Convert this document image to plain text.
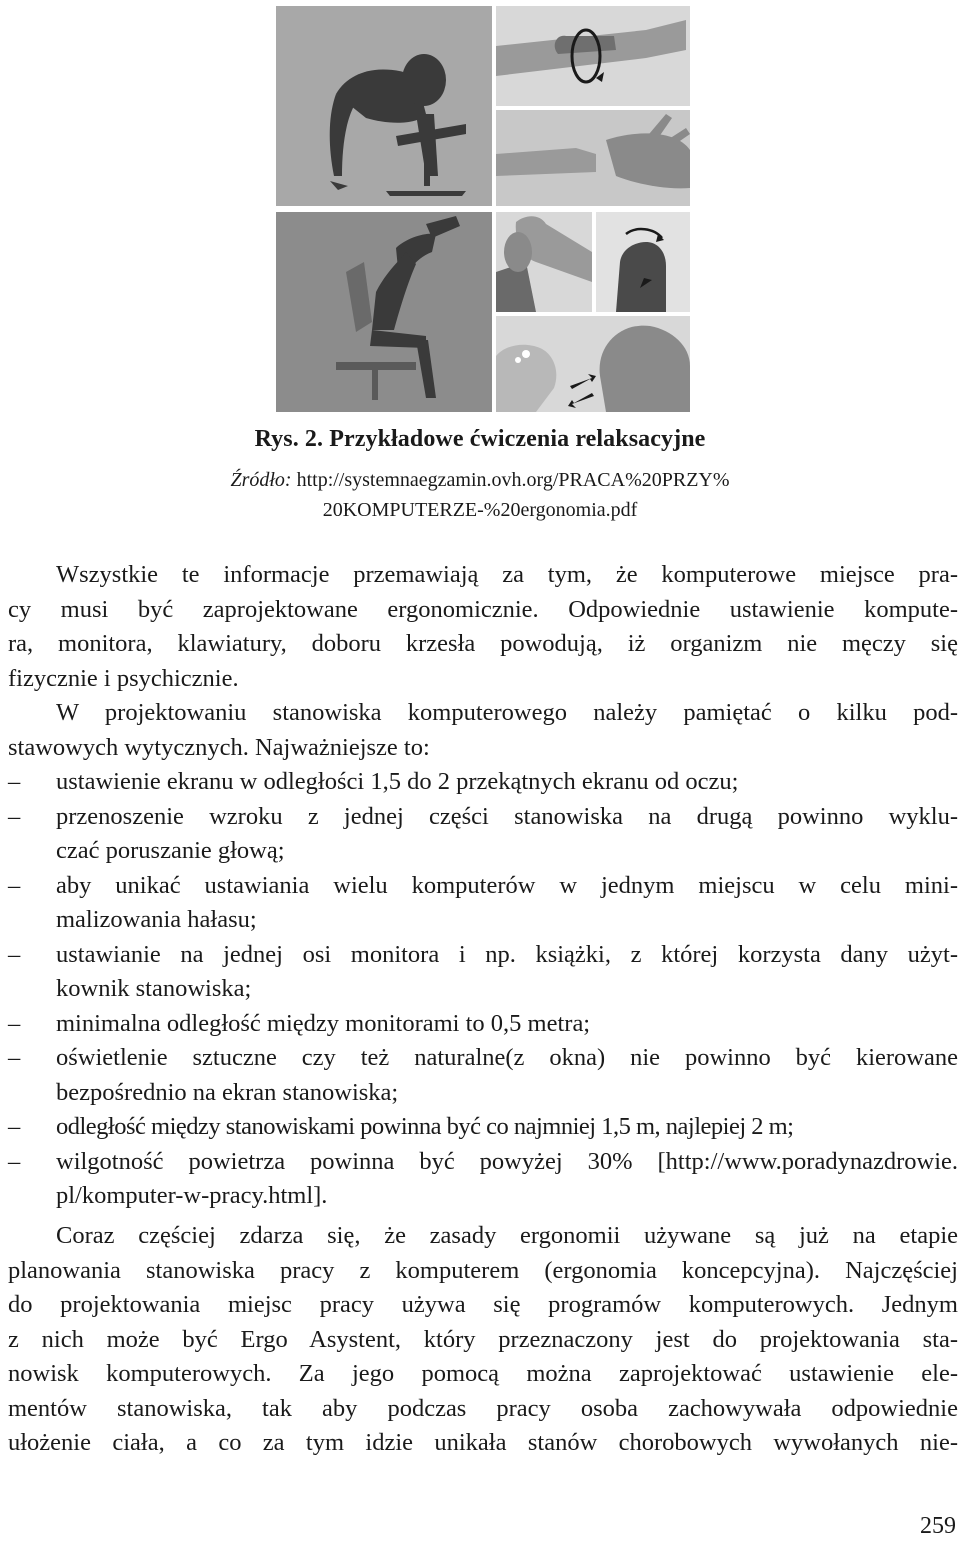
Rys. 2. Przykładowe ćwiczenia relaksacyjne
Źródło: http://systemnaegzamin.ovh.org/PRACA%20PRZY%
20KOMPUTERZE-%20ergonomia.pdf
Wszystkie te informacje przemawiają za tym, że komputerowe miejsce pra-
cy musi być zaprojektowane ergonomicznie. Odpowiednie ustawienie kompute-
ra, monitora, klawiatury, doboru krzesła powodują, iż organizm nie męczy się
fizycznie i psychicznie.
W projektowaniu stanowiska komputerowego należy pamiętać o kilku pod-
stawowych wytycznych. Najważniejsze to:
– ustawienie ekranu w odległości 1,5 do 2 przekątnych ekranu od oczu;
– przenoszenie wzroku z jednej części stanowiska na drugą powinno wyklu-
czać poruszanie głową;
– aby unikać ustawiania wielu komputerów w jednym miejscu w celu mini-
malizowania hałasu;
– ustawianie na jednej osi monitora i np. książki, z której korzysta dany użyt-
kownik stanowiska;
– minimalna odległość między monitorami to 0,5 metra;
– oświetlenie sztuczne czy też naturalne(z okna) nie powinno być kierowane
bezpośrednio na ekran stanowiska;
– odległość między stanowiskami powinna być co najmniej 1,5 m, najlepiej 2 m;
– wilgotność powietrza powinna być powyżej 30% [http://www.poradynazdrowie.
pl/komputer-w-pracy.html].
Coraz częściej zdarza się, że zasady ergonomii używane są już na etapie
planowania stanowiska pracy z komputerem (ergonomia koncepcyjna). Najczęściej
do projektowania miejsc pracy używa się programów komputerowych. Jednym
z nich może być Ergo Asystent, który przeznaczony jest do projektowania sta-
nowisk komputerowych. Za jego pomocą można zaprojektować ustawienie ele-
mentów stanowiska, tak aby podczas pracy osoba zachowywała odpowiednie
ułożenie ciała, a co za tym idzie unikała stanów chorobowych wywołanych nie-
259
